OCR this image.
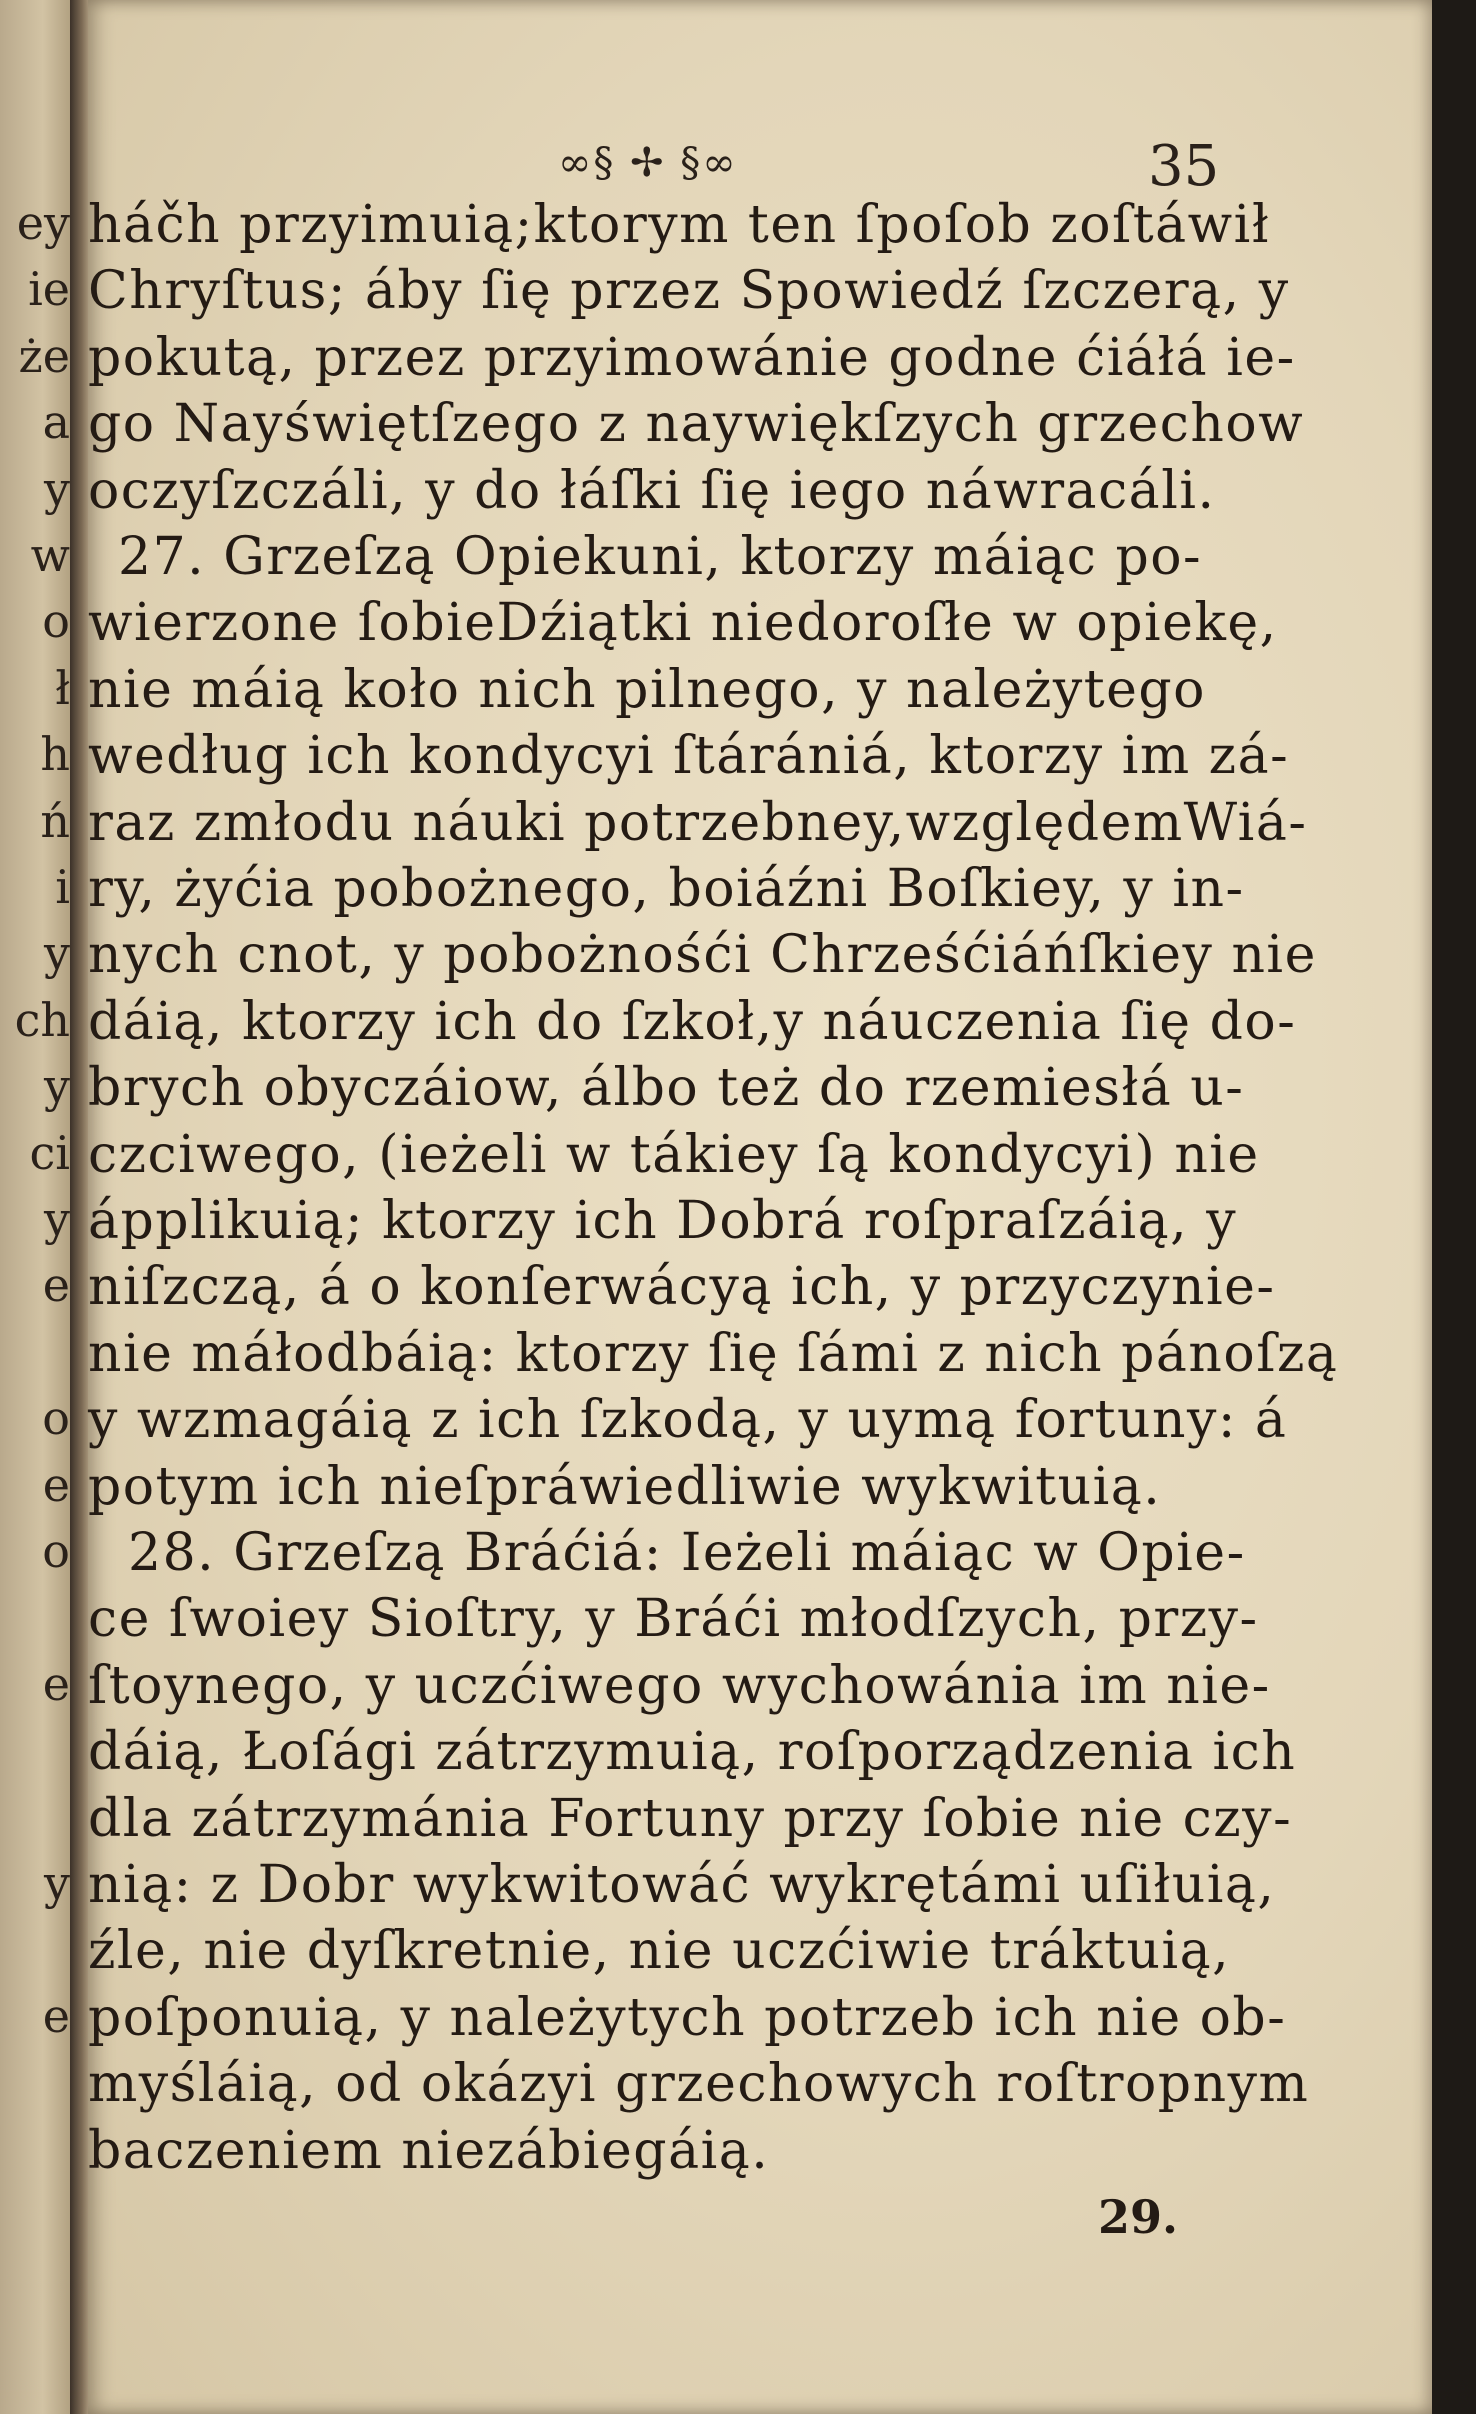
ey
ie
że
a
y
w
o
ł
h
ń
i
y
ch
y
ci
y
e
o
e
o
e
y
e
∞§ ✢ §∞	35
háčh przyimuią;ktorym ten ſpoſob zoſtáwił
Chryſtus; áby ſię przez Spowiedź ſzczerą, y
pokutą, przez przyimowánie godne ćiáłá ie-
go Nayświętſzego z naywiękſzych grzechow
oczyſzczáli, y do łáſki ſię iego náwracáli.
27. Grzeſzą Opiekuni, ktorzy máiąc po-
wierzone ſobieDźiątki niedoroſłe w opiekę,
nie máią koło nich pilnego, y należytego
według ich kondycyi ſtárániá, ktorzy im zá-
raz zmłodu náuki potrzebney,względemWiá-
ry, żyćia pobożnego, boiáźni Boſkiey, y in-
nych cnot, y pobożnośći Chrześćiáńſkiey nie
dáią, ktorzy ich do ſzkoł,y náuczenia ſię do-
brych obyczáiow, álbo też do rzemiesłá u-
czciwego, (ieżeli w tákiey ſą kondycyi) nie
ápplikuią; ktorzy ich Dobrá roſpraſzáią, y
niſzczą, á o konſerwácyą ich, y przyczynie-
nie máłodbáią: ktorzy ſię ſámi z nich pánoſzą
y wzmagáią z ich ſzkodą, y uymą fortuny: á
potym ich nieſpráwiedliwie wykwituią.
28. Grzeſzą Bráćiá: Ieżeli máiąc w Opie-
ce ſwoiey Sioſtry, y Bráći młodſzych, przy-
ſtoynego, y uczćiwego wychowánia im nie-
dáią, Łoſági zátrzymuią, roſporządzenia ich
dla zátrzymánia Fortuny przy ſobie nie czy-
nią: z Dobr wykwitowáć wykrętámi uſiłuią,
źle, nie dyſkretnie, nie uczćiwie tráktuią,
poſponuią, y należytych potrzeb ich nie ob-
myśláią, od okázyi grzechowych roſtropnym
baczeniem niezábiegáią.
29.
